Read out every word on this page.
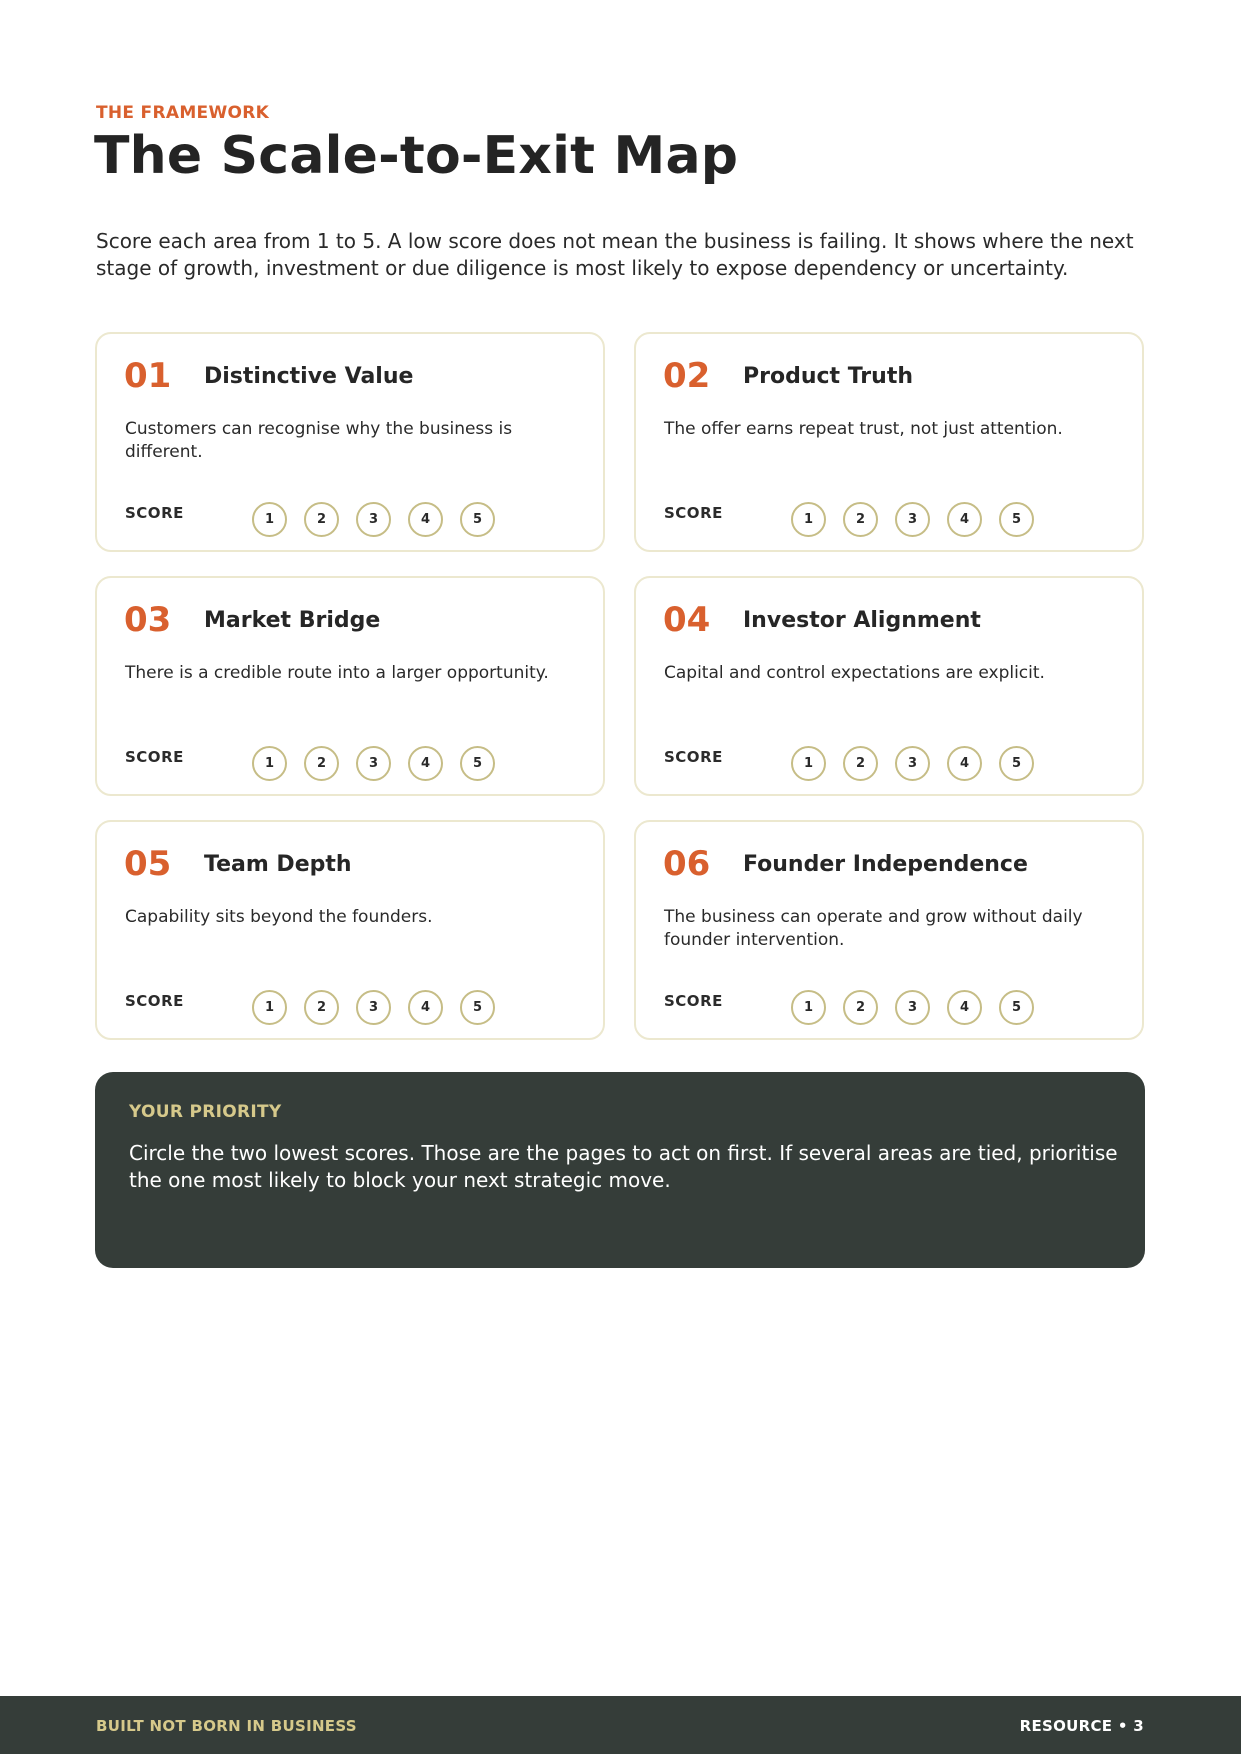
THE FRAMEWORK
The Scale-to-Exit Map

Score each area from 1 to 5. A low score does not mean the business is failing. It shows where the next stage of growth, investment or due diligence is most likely to expose dependency or uncertainty.

01 Distinctive Value

Customers can recognise why the business is different.

SCORE	1	2	3	4	5
02 Product Truth

The offer earns repeat trust, not just attention.

SCORE	1	2	3	4	5
03 Market Bridge

There is a credible route into a larger opportunity.

SCORE	1	2	3	4	5
04 Investor Alignment

Capital and control expectations are explicit.

SCORE	1	2	3	4	5
05 Team Depth

Capability sits beyond the founders.

SCORE	1	2	3	4	5
06 Founder Independence

The business can operate and grow without daily founder intervention.

SCORE	1	2	3	4	5
YOUR PRIORITY

Circle the two lowest scores. Those are the pages to act on first. If several areas are tied, prioritise the one most likely to block your next strategic move.

BUILT NOT BORN IN BUSINESS	RESOURCE • 3
